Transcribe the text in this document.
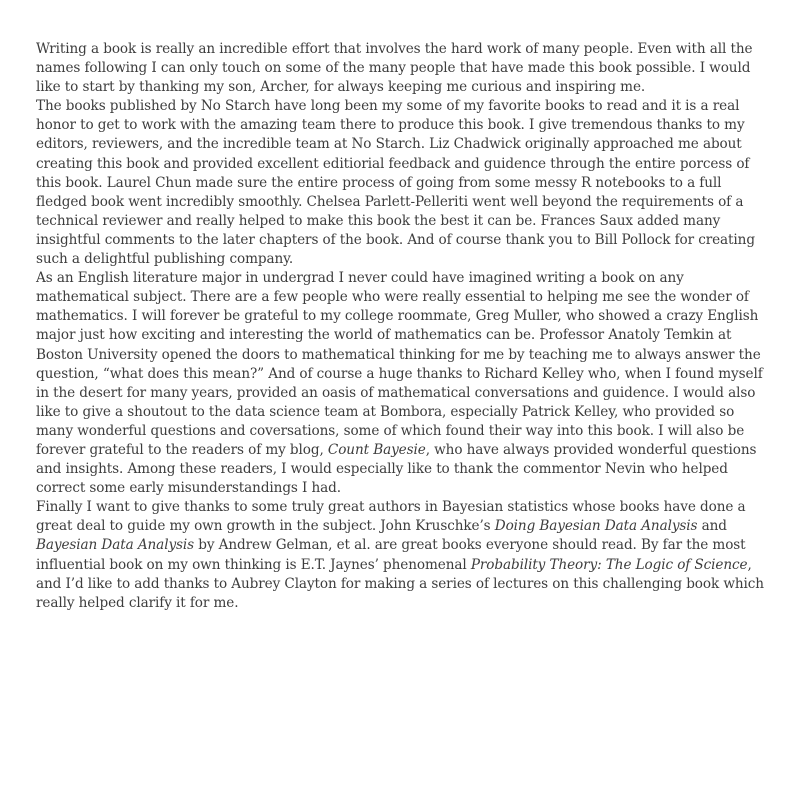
Writing a book is really an incredible effort that involves the hard work of many people. Even with all the names following I can only touch on some of the many people that have made this book possible. I would like to start by thanking my son, Archer, for always keeping me curious and inspiring me.

The books published by No Starch have long been my some of my favorite books to read and it is a real honor to get to work with the amazing team there to produce this book. I give tremendous thanks to my editors, reviewers, and the incredible team at No Starch. Liz Chadwick originally approached me about creating this book and provided excellent editiorial feedback and guidence through the entire porcess of this book. Laurel Chun made sure the entire process of going from some messy R notebooks to a full fledged book went incredibly smoothly. Chelsea Parlett-Pelleriti went well beyond the requirements of a technical reviewer and really helped to make this book the best it can be. Frances Saux added many insightful comments to the later chapters of the book. And of course thank you to Bill Pollock for creating such a delightful publishing company.

As an English literature major in undergrad I never could have imagined writing a book on any mathematical subject. There are a few people who were really essential to helping me see the wonder of mathematics. I will forever be grateful to my college roommate, Greg Muller, who showed a crazy English major just how exciting and interesting the world of mathematics can be. Professor Anatoly Temkin at Boston University opened the doors to mathematical thinking for me by teaching me to always answer the question, “what does this mean?” And of course a huge thanks to Richard Kelley who, when I found myself in the desert for many years, provided an oasis of mathematical conversations and guidence. I would also like to give a shoutout to the data science team at Bombora, especially Patrick Kelley, who provided so many wonderful questions and coversations, some of which found their way into this book. I will also be forever grateful to the readers of my blog, Count Bayesie, who have always provided wonderful questions and insights. Among these readers, I would especially like to thank the commentor Nevin who helped correct some early misunderstandings I had.

Finally I want to give thanks to some truly great authors in Bayesian statistics whose books have done a great deal to guide my own growth in the subject. John Kruschke’s Doing Bayesian Data Analysis and Bayesian Data Analysis by Andrew Gelman, et al. are great books everyone should read. By far the most influential book on my own thinking is E.T. Jaynes’ phenomenal Probability Theory: The Logic of Science, and I’d like to add thanks to Aubrey Clayton for making a series of lectures on this challenging book which really helped clarify it for me.
